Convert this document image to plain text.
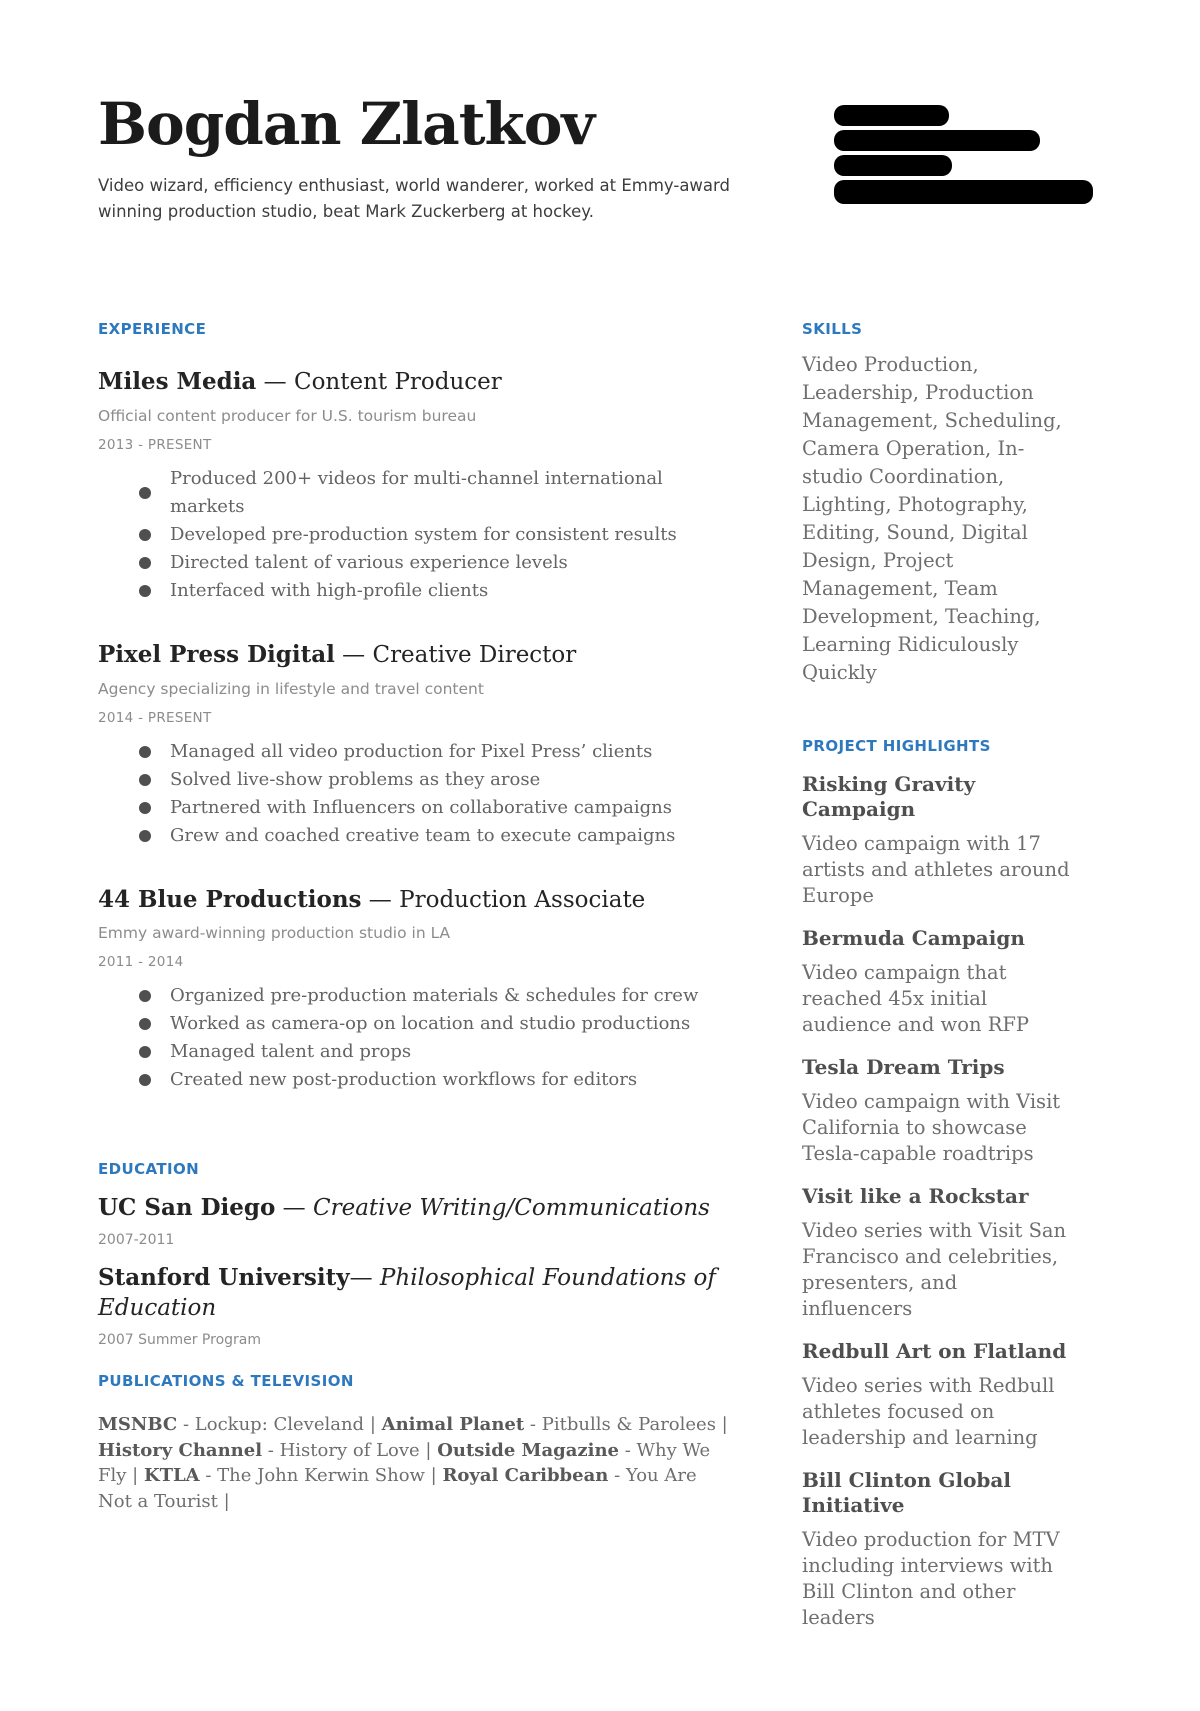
Bogdan Zlatkov

Video wizard, efficiency enthusiast, world wanderer, worked at Emmy-award winning production studio, beat Mark Zuckerberg at hockey.

EXPERIENCE
Miles Media — Content Producer

Official content producer for U.S. tourism bureau

2013 - PRESENT

Produced 200+ videos for multi-channel international markets
Developed pre-production system for consistent results
Directed talent of various experience levels
Interfaced with high-profile clients
Pixel Press Digital — Creative Director

Agency specializing in lifestyle and travel content

2014 - PRESENT

Managed all video production for Pixel Press’ clients
Solved live-show problems as they arose
Partnered with Influencers on collaborative campaigns
Grew and coached creative team to execute campaigns
44 Blue Productions — Production Associate

Emmy award-winning production studio in LA

2011 - 2014

Organized pre-production materials & schedules for crew
Worked as camera-op on location and studio productions
Managed talent and props
Created new post-production workflows for editors
EDUCATION
UC San Diego — Creative Writing/Communications

2007-2011

Stanford University— Philosophical Foundations of Education

2007 Summer Program

PUBLICATIONS & TELEVISION

MSNBC - Lockup: Cleveland | Animal Planet - Pitbulls & Parolees | History Channel - History of Love | Outside Magazine - Why We Fly | KTLA - The John Kerwin Show | Royal Caribbean - You Are Not a Tourist |

SKILLS

Video Production, Leadership, Production Management, Scheduling, Camera Operation, In-studio Coordination, Lighting, Photography, Editing, Sound, Digital Design, Project Management, Team Development, Teaching, Learning Ridiculously Quickly

PROJECT HIGHLIGHTS
Risking Gravity Campaign

Video campaign with 17 artists and athletes around Europe

Bermuda Campaign

Video campaign that reached 45x initial audience and won RFP

Tesla Dream Trips

Video campaign with Visit California to showcase Tesla-capable roadtrips

Visit like a Rockstar

Video series with Visit San Francisco and celebrities, presenters, and influencers

Redbull Art on Flatland

Video series with Redbull athletes focused on leadership and learning

Bill Clinton Global Initiative

Video production for MTV including interviews with Bill Clinton and other leaders
